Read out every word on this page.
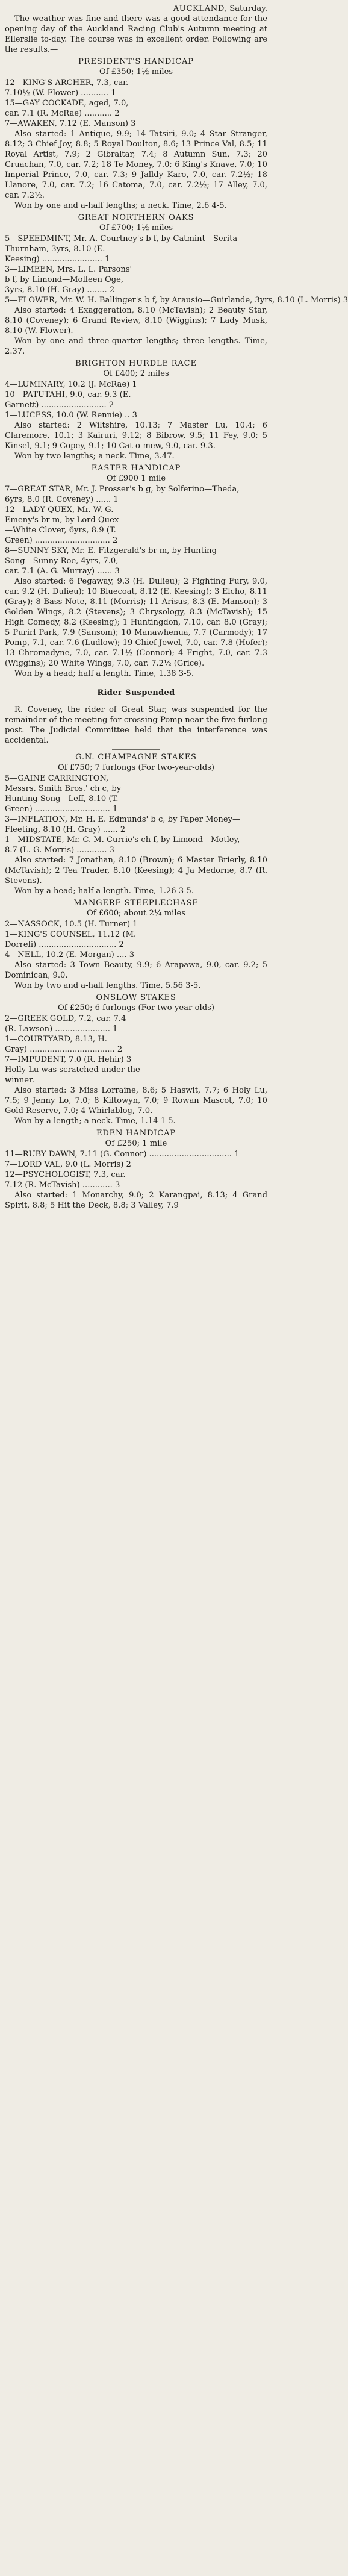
AUCKLAND, Saturday.

The weather was fine and there was a good attendance for the opening day of the Auckland Racing Club's Autumn meeting at Ellerslie to-day. The course was in excellent order. Following are the results.—

PRESIDENT'S HANDICAP

Of £350; 1½ miles

12—KING'S ARCHER, 7.3, car.

7.10½ (W. Flower) ........... 1

15—GAY COCKADE, aged, 7.0,

car. 7.1 (R. McRae) ........... 2

7—AWAKEN, 7.12 (E. Manson) 3

Also started: 1 Antique, 9.9; 14 Tatsiri, 9.0; 4 Star Stranger, 8.12; 3 Chief Joy, 8.8; 5 Royal Doulton, 8.6; 13 Prince Val, 8.5; 11 Royal Artist, 7.9; 2 Gibraltar, 7.4; 8 Autumn Sun, 7.3; 20 Cruachan, 7.0, car. 7.2; 18 Te Money, 7.0; 6 King's Knave, 7.0; 10 Imperial Prince, 7.0, car. 7.3; 9 Jalldy Karo, 7.0, car. 7.2½; 18 Llanore, 7.0, car. 7.2; 16 Catoma, 7.0, car. 7.2½; 17 Alley, 7.0, car. 7.2½.

Won by one and a-half lengths; a neck. Time, 2.6 4-5.

GREAT NORTHERN OAKS

Of £700; 1½ miles

5—SPEEDMINT, Mr. A. Courtney's b f, by Catmint—Serita

Thurnham, 3yrs, 8.10 (E.

Keesing) ........................ 1

3—LIMEEN, Mrs. L. L. Parsons'

b f, by Limond—Molleen Oge,

3yrs, 8.10 (H. Gray) ........ 2

5—FLOWER, Mr. W. H. Ballinger's b f, by Arausio—Guirlande, 3yrs, 8.10 (L. Morris) 3

Also started: 4 Exaggeration, 8.10 (McTavish); 2 Beauty Star, 8.10 (Coveney); 6 Grand Review, 8.10 (Wiggins); 7 Lady Musk, 8.10 (W. Flower).

Won by one and three-quarter lengths; three lengths. Time, 2.37.

BRIGHTON HURDLE RACE

Of £400; 2 miles

4—LUMINARY, 10.2 (J. McRae) 1

10—PATUTAHI, 9.0, car. 9.3 (E.

Garnett) .......................... 2

1—LUCESS, 10.0 (W. Rennie) .. 3

Also started: 2 Wiltshire, 10.13; 7 Master Lu, 10.4; 6 Claremore, 10.1; 3 Kairuri, 9.12; 8 Bibrow, 9.5; 11 Fey, 9.0; 5 Kinsel, 9.1; 9 Copey, 9.1; 10 Cat-o-mew, 9.0, car. 9.3.

Won by two lengths; a neck. Time, 3.47.

EASTER HANDICAP

Of £900 1 mile

7—GREAT STAR, Mr. J. Prosser's b g, by Solferino—Theda,

6yrs, 8.0 (R. Coveney) ...... 1

12—LADY QUEX, Mr. W. G.

Emeny's br m, by Lord Quex

—White Clover, 6yrs, 8.9 (T.

Green) .............................. 2

8—SUNNY SKY, Mr. E. Fitzgerald's br m, by Hunting

Song—Sunny Roe, 4yrs, 7.0,

car. 7.1 (A. G. Murray) ...... 3

Also started: 6 Pegaway, 9.3 (H. Dulieu); 2 Fighting Fury, 9.0, car. 9.2 (H. Dulieu); 10 Bluecoat, 8.12 (E. Keesing); 3 Elcho, 8.11 (Gray); 8 Bass Note, 8.11 (Morris); 11 Arisus, 8.3 (E. Manson); 3 Golden Wings, 8.2 (Stevens); 3 Chrysology, 8.3 (McTavish); 15 High Comedy, 8.2 (Keesing); 1 Huntingdon, 7.10, car. 8.0 (Gray); 5 Purirl Park, 7.9 (Sansom); 10 Manawhenua, 7.7 (Carmody); 17 Pomp, 7.1, car. 7.6 (Ludlow); 19 Chief Jewel, 7.0, car. 7.8 (Hofer); 13 Chromadyne, 7.0, car. 7.1½ (Connor); 4 Fright, 7.0, car. 7.3 (Wiggins); 20 White Wings, 7.0, car. 7.2½ (Grice).

Won by a head; half a length. Time, 1.38 3-5.

Rider Suspended

R. Coveney, the rider of Great Star, was suspended for the remainder of the meeting for crossing Pomp near the five furlong post. The Judicial Committee held that the interference was accidental.

G.N. CHAMPAGNE STAKES

Of £750; 7 furlongs (For two-year-olds)

5—GAINE CARRINGTON,

Messrs. Smith Bros.' ch c, by

Hunting Song—Leff, 8.10 (T.

Green) .............................. 1

3—INFLATION, Mr. H. E. Edmunds' b c, by Paper Money—

Fleeting, 8.10 (H. Gray) ...... 2

1—MIDSTATE, Mr. C. M. Currie's ch f, by Limond—Motley,

8.7 (L. G. Morris) ............ 3

Also started: 7 Jonathan, 8.10 (Brown); 6 Master Brierly, 8.10 (McTavish); 2 Tea Trader, 8.10 (Keesing); 4 Ja Medorne, 8.7 (R. Stevens).

Won by a head; half a length. Time, 1.26 3-5.

MANGERE STEEPLECHASE

Of £600; about 2¼ miles

2—NASSOCK, 10.5 (H. Turner) 1

1—KING'S COUNSEL, 11.12 (M.

Dorreli) ............................... 2

4—NELL, 10.2 (E. Morgan) .... 3

Also started: 3 Town Beauty, 9.9; 6 Arapawa, 9.0, car. 9.2; 5 Dominican, 9.0.

Won by two and a-half lengths. Time, 5.56 3-5.

ONSLOW STAKES

Of £250; 6 furlongs (For two-year-olds)

2—GREEK GOLD, 7.2, car. 7.4

(R. Lawson) ...................... 1

1—COURTYARD, 8.13, H.

Gray) .................................. 2

7—IMPUDENT, 7.0 (R. Hehir) 3

Holly Lu was scratched under the

winner.

Also started: 3 Miss Lorraine, 8.6; 5 Haswit, 7.7; 6 Holy Lu, 7.5; 9 Jenny Lo, 7.0; 8 Kiltowyn, 7.0; 9 Rowan Mascot, 7.0; 10 Gold Reserve, 7.0; 4 Whirlablog, 7.0.

Won by a length; a neck. Time, 1.14 1-5.

EDEN HANDICAP

Of £250; 1 mile

11—RUBY DAWN, 7.11 (G. Connor) ................................. 1

7—LORD VAL, 9.0 (L. Morris) 2

12—PSYCHOLOGIST, 7.3, car.

7.12 (R. McTavish) ............ 3

Also started: 1 Monarchy, 9.0; 2 Karangpai, 8.13; 4 Grand Spirit, 8.8; 5 Hit the Deck, 8.8; 3 Valley, 7.9
